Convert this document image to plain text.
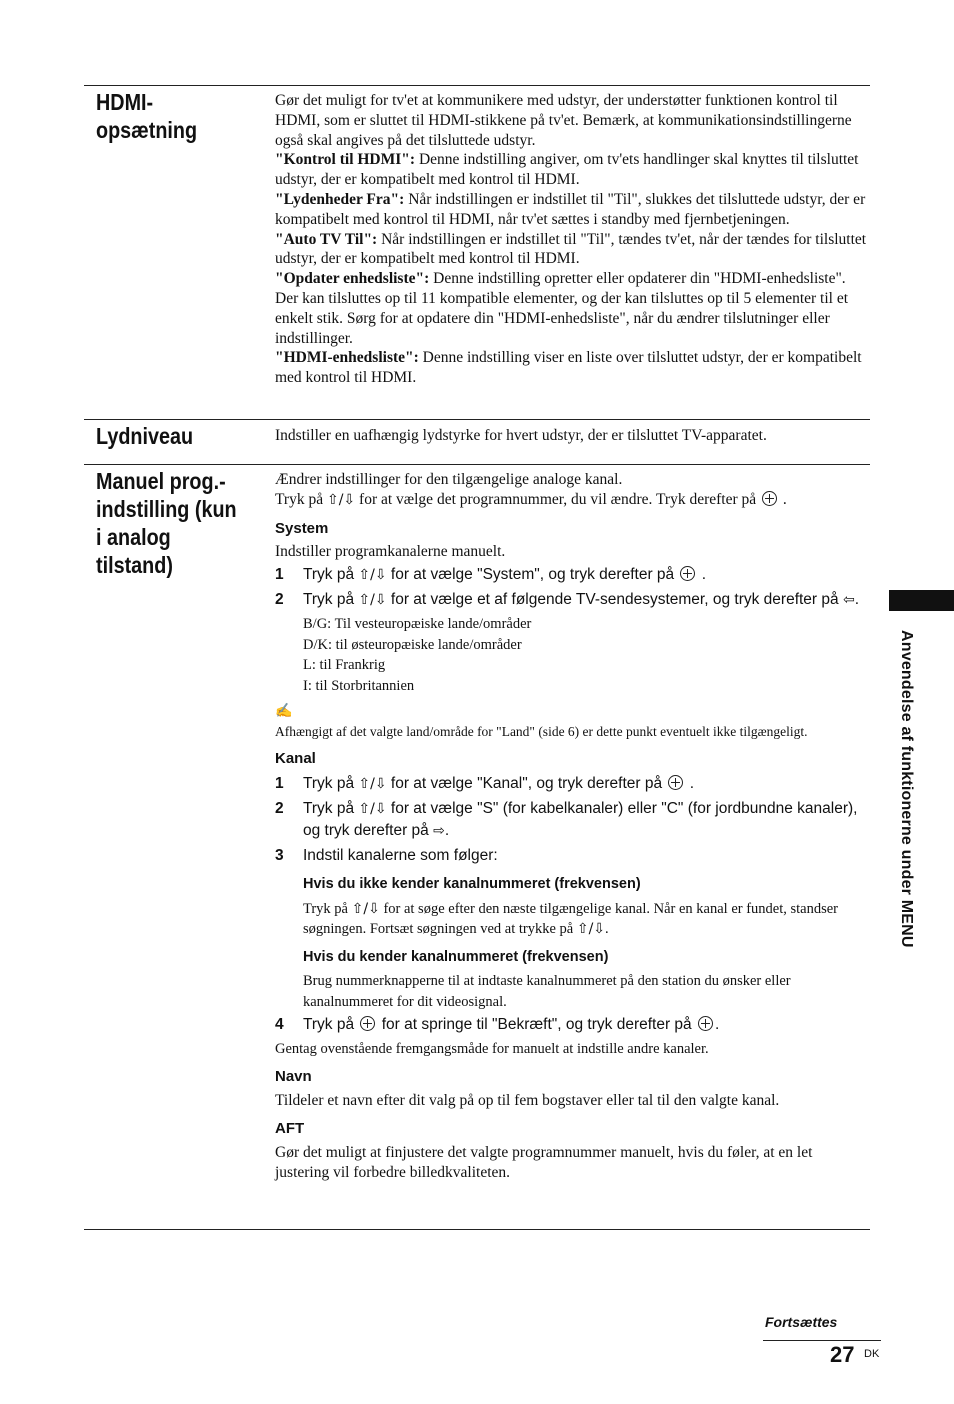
HDMI-opsætning

Gør det muligt for tv'et at kommunikere med udstyr, der understøtter funktionen kontrol til HDMI, som er sluttet til HDMI-stikkene på tv'et. Bemærk, at kommunikationsindstillingerne også skal angives på det tilsluttede udstyr.

"Kontrol til HDMI": Denne indstilling angiver, om tv'ets handlinger skal knyttes til tilsluttet udstyr, der er kompatibelt med kontrol til HDMI.

"Lydenheder Fra": Når indstillingen er indstillet til "Til", slukkes det tilsluttede udstyr, der er kompatibelt med kontrol til HDMI, når tv'et sættes i standby med fjernbetjeningen.

"Auto TV Til": Når indstillingen er indstillet til "Til", tændes tv'et, når der tændes for tilsluttet udstyr, der er kompatibelt med kontrol til HDMI.

"Opdater enhedsliste": Denne indstilling opretter eller opdaterer din "HDMI-enhedsliste". Der kan tilsluttes op til 11 kompatible elementer, og der kan tilsluttes op til 5 elementer til et enkelt stik. Sørg for at opdatere din "HDMI-enhedsliste", når du ændrer tilslutninger eller indstillinger.

"HDMI-enhedsliste": Denne indstilling viser en liste over tilsluttet udstyr, der er kompatibelt med kontrol til HDMI.

Lydniveau	Indstiller en uafhængig lydstyrke for hvert udstyr, der er tilsluttet TV-apparatet.

Manuel prog.-indstilling (kun i analog tilstand)

Ændrer indstillinger for den tilgængelige analoge kanal.

Tryk på ⇧/⇩ for at vælge det programnummer, du vil ændre. Tryk derefter på  .

System

Indstiller programkanalerne manuelt.

1 Tryk på ⇧/⇩ for at vælge "System", og tryk derefter på  .
2 Tryk på ⇧/⇩ for at vælge et af følgende TV-sendesystemer, og tryk derefter på ⇦.
B/G: Til vesteuropæiske lande/områder
D/K: til østeuropæiske lande/områder
L: til Frankrig
I: til Storbritannien
✍

Afhængigt af det valgte land/område for "Land" (side 6) er dette punkt eventuelt ikke tilgængeligt.

Kanal
1 Tryk på ⇧/⇩ for at vælge "Kanal", og tryk derefter på  .
2 Tryk på ⇧/⇩ for at vælge "S" (for kabelkanaler) eller "C" (for jordbundne kanaler), og tryk derefter på ⇨.
3 Indstil kanalerne som følger:
Hvis du ikke kender kanalnummeret (frekvensen)

Tryk på ⇧/⇩ for at søge efter den næste tilgængelige kanal. Når en kanal er fundet, standser søgningen. Fortsæt søgningen ved at trykke på ⇧/⇩.

Hvis du kender kanalnummeret (frekvensen)

Brug nummerknapperne til at indtaste kanalnummeret på den station du ønsker eller kanalnummeret for dit videosignal.

4 Tryk på  for at springe til "Bekræft", og tryk derefter på .

Gentag ovenstående fremgangsmåde for manuelt at indstille andre kanaler.

Navn

Tildeler et navn efter dit valg på op til fem bogstaver eller tal til den valgte kanal.

AFT

Gør det muligt at finjustere det valgte programnummer manuelt, hvis du føler, at en let justering vil forbedre billedkvaliteten.

Anvendelse af funktionerne under MENU
Fortsættes
27 DK
